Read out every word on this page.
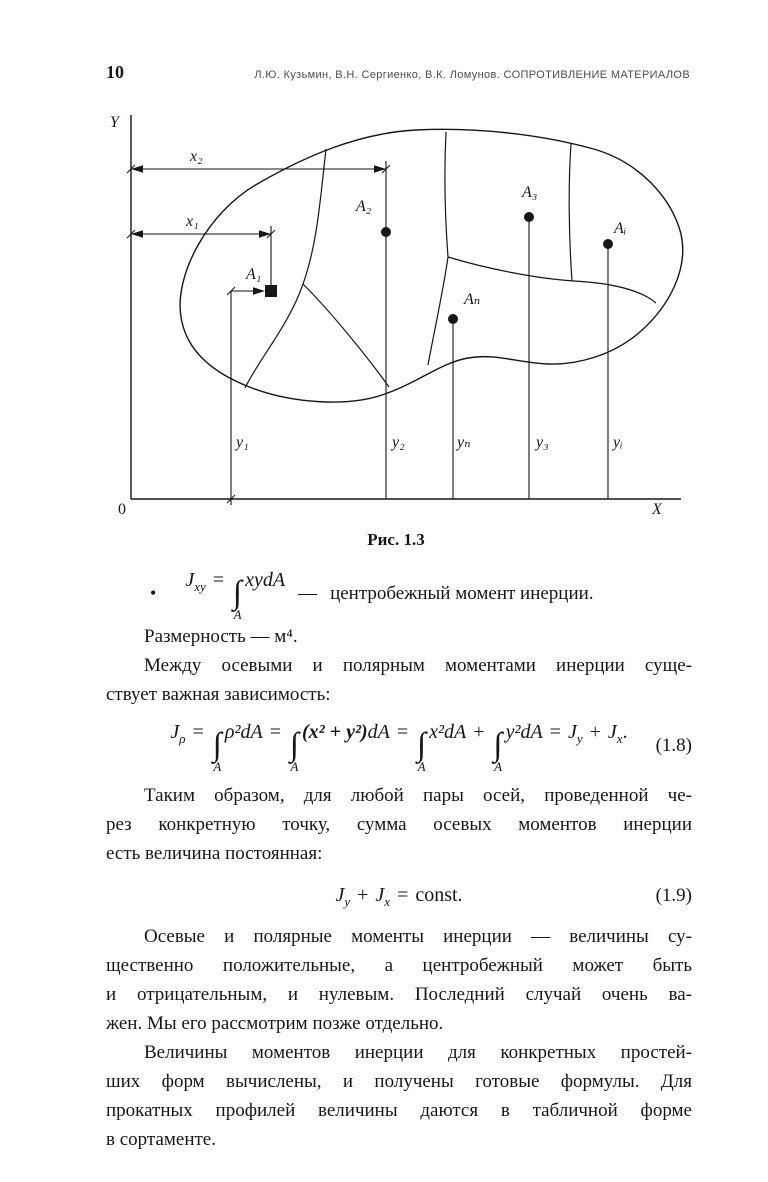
10	Л.Ю. Кузьмин, В.Н. Сергиенко, В.К. Ломунов. СОПРОТИВЛЕНИЕ МАТЕРИАЛОВ
Y
X
0
x₂
x₁
A₁
A₂
A₃
Aₙ
Aᵢ
y₁	y₂	yₙ	y₃	yᵢ
Рис. 1.3
•
$J_{xy}$ = ∫
A
xydA
— центробежный момент инерции.
Размерность — м⁴.
Между осевыми и полярным моментами инерции суще-
ствует важная зависимость:
$J_\rho$ = ∫
A
ρ²dA = ∫
A
(x² + y²)dA = ∫
A
x²dA + ∫
A
$y^2dA = J_y + J_x$.
(1.8)
Таким образом, для любой пары осей, проведенной че-
рез конкретную точку, сумма осевых моментов инерции
есть величина постоянная:
$J_y + J_x$ = const.	(1.9)
Осевые и полярные моменты инерции — величины су-
щественно положительные, а центробежный может быть
и отрицательным, и нулевым. Последний случай очень ва-
жен. Мы его рассмотрим позже отдельно.
Величины моментов инерции для конкретных простей-
ших форм вычислены, и получены готовые формулы. Для
прокатных профилей величины даются в табличной форме
в сортаменте.
